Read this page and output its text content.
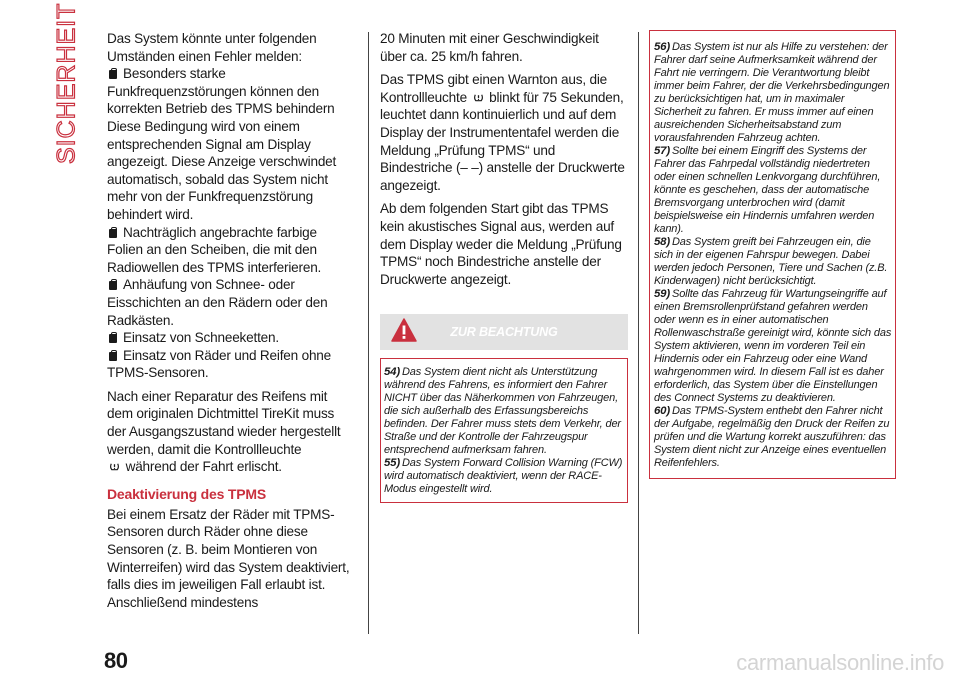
SICHERHEIT Das System könnte unter folgenden Umständen einen Fehler melden:

Besonders starke Funkfrequenzstörungen können den korrekten Betrieb des TPMS behindern Diese Bedingung wird von einem entsprechenden Signal am Display angezeigt. Diese Anzeige verschwindet automatisch, sobald das System nicht mehr von der Funkfrequenzstörung behindert wird.

Nachträglich angebrachte farbige Folien an den Scheiben, die mit den Radiowellen des TPMS interferieren.

Anhäufung von Schnee- oder Eisschichten an den Rädern oder den Radkästen.

Einsatz von Schneeketten.

Einsatz von Räder und Reifen ohne TPMS-Sensoren.

Nach einer Reparatur des Reifens mit dem originalen Dichtmittel TireKit muss der Ausgangszustand wieder hergestellt werden, damit die Kontrollleuchte
während der Fahrt erlischt.

Deaktivierung des TPMS

Bei einem Ersatz der Räder mit TPMS-Sensoren durch Räder ohne diese Sensoren (z. B. beim Montieren von Winterreifen) wird das System deaktiviert, falls dies im jeweiligen Fall erlaubt ist. Anschließend mindestens

20 Minuten mit einer Geschwindigkeit über ca. 25 km/h fahren.

Das TPMS gibt einen Warnton aus, die Kontrollleuchte blinkt für 75 Sekunden, leuchtet dann kontinuierlich und auf dem Display der Instrumententafel werden die Meldung „Prüfung TPMS“ und Bindestriche (– –) anstelle der Druckwerte angezeigt.

Ab dem folgenden Start gibt das TPMS kein akustisches Signal aus, werden auf dem Display weder die Meldung „Prüfung TPMS“ noch Bindestriche anstelle der Druckwerte angezeigt.

ZUR BEACHTUNG

54) Das System dient nicht als Unterstützung während des Fahrens, es informiert den Fahrer NICHT über das Näherkommen von Fahrzeugen, die sich außerhalb des Erfassungsbereichs befinden. Der Fahrer muss stets dem Verkehr, der Straße und der Kontrolle der Fahrzeugspur entsprechend aufmerksam fahren.

55) Das System Forward Collision Warning (FCW) wird automatisch deaktiviert, wenn der RACE-Modus eingestellt wird.

56) Das System ist nur als Hilfe zu verstehen: der Fahrer darf seine Aufmerksamkeit während der Fahrt nie verringern. Die Verantwortung bleibt immer beim Fahrer, der die Verkehrsbedingungen zu berücksichtigen hat, um in maximaler Sicherheit zu fahren. Er muss immer auf einen ausreichenden Sicherheitsabstand zum vorausfahrenden Fahrzeug achten.

57) Sollte bei einem Eingriff des Systems der Fahrer das Fahrpedal vollständig niedertreten oder einen schnellen Lenkvorgang durchführen, könnte es geschehen, dass der automatische Bremsvorgang unterbrochen wird (damit beispielsweise ein Hindernis umfahren werden kann).

58) Das System greift bei Fahrzeugen ein, die sich in der eigenen Fahrspur bewegen. Dabei werden jedoch Personen, Tiere und Sachen (z.B. Kinderwagen) nicht berücksichtigt.

59) Sollte das Fahrzeug für Wartungseingriffe auf einen Bremsrollenprüfstand gefahren werden oder wenn es in einer automatischen Rollenwaschstraße gereinigt wird, könnte sich das System aktivieren, wenn im vorderen Teil ein Hindernis oder ein Fahrzeug oder eine Wand wahrgenommen wird. In diesem Fall ist es daher erforderlich, das System über die Einstellungen des Connect Systems zu deaktivieren.

60) Das TPMS-System enthebt den Fahrer nicht der Aufgabe, regelmäßig den Druck der Reifen zu prüfen und die Wartung korrekt auszuführen: das System dient nicht zur Anzeige eines eventuellen Reifenfehlers.

80	carmanualsonline.info
